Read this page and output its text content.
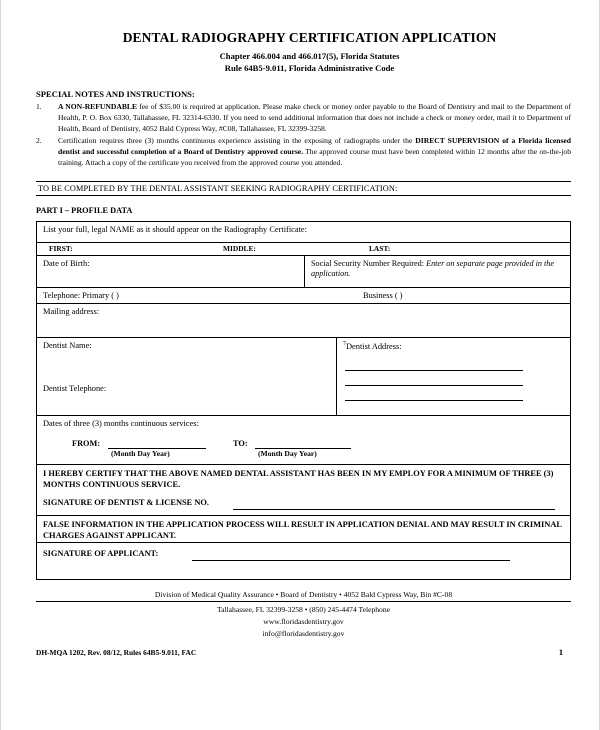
DENTAL RADIOGRAPHY CERTIFICATION APPLICATION
Chapter 466.004 and 466.017(5), Florida Statutes
Rule 64B5-9.011, Florida Administrative Code
SPECIAL NOTES AND INSTRUCTIONS:
1.	A NON-REFUNDABLE fee of $35.00 is required at application. Please make check or money order payable to the Board of Dentistry and mail to the Department of Health, P. O. Box 6330, Tallahassee, FL 32314-6330. If you need to send additional information that does not include a check or money order, mail it to Department of Health, Board of Dentistry, 4052 Bald Cypress Way, #C08, Tallahassee, FL 32399-3258.
2.	Certification requires three (3) months continuous experience assisting in the exposing of radiographs under the DIRECT SUPERVISION of a Florida licensed dentist and successful completion of a Board of Dentistry approved course. The approved course must have been completed within 12 months after the on-the-job training. Attach a copy of the certificate you received from the approved course you attended.
TO BE COMPLETED BY THE DENTAL ASSISTANT SEEKING RADIOGRAPHY CERTIFICATION:
PART I – PROFILE DATA
List your full, legal NAME as it should appear on the Radiography Certificate:
FIRST:	MIDDLE:	LAST:
Date of Birth:	Social Security Number Required: Enter on separate page provided in the application.
Telephone: Primary ( )	Business ( )
Mailing address:
Dentist Name:
Dentist Telephone:
$^7$Dentist Address:
Dates of three (3) months continuous services:
FROM:
(Month Day Year)
TO:
(Month Day Year)
I HEREBY CERTIFY THAT THE ABOVE NAMED DENTAL ASSISTANT HAS BEEN IN MY EMPLOY FOR A MINIMUM OF THREE (3) MONTHS CONTINUOUS SERVICE.
SIGNATURE OF DENTIST & LICENSE NO.
FALSE INFORMATION IN THE APPLICATION PROCESS WILL RESULT IN APPLICATION DENIAL AND MAY RESULT IN CRIMINAL CHARGES AGAINST APPLICANT.
SIGNATURE OF APPLICANT:
Division of Medical Quality Assurance • Board of Dentistry • 4052 Bald Cypress Way, Bin #C-08
Tallahassee, FL 32399-3258 • (850) 245-4474 Telephone
www.floridasdentistry.gov
info@floridasdentistry.gov
DH-MQA 1202, Rev. 08/12, Rules 64B5-9.011, FAC	1
